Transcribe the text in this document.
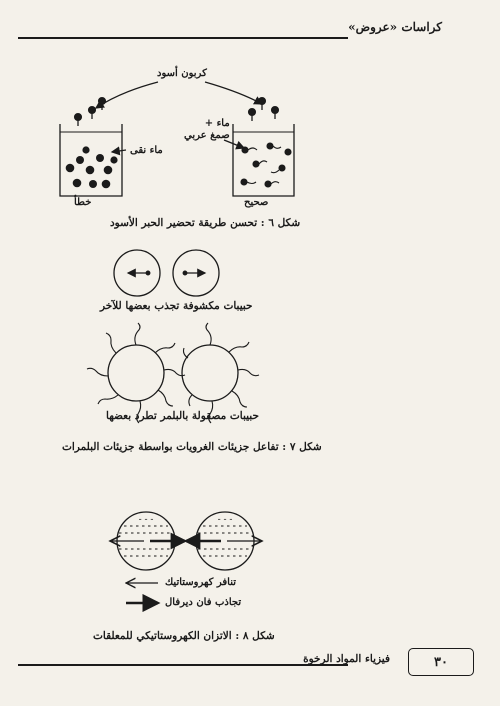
كراسات «عروض»
- - -	- - -
كربون أسود
ماء +
صمغ عربي
ماء نقى
خطأ	صحيح
شكل ٦ : تحسن طريقة تحضير الحبر الأسود
حبيبات مكشوفة تجذب بعضها للآخر
حبيبات مصقولة بالبلمر تطرد بعضها
شكل ٧ : تفاعل جزيئات الغرويات بواسطة جزيئات البلمرات
تنافر كهروستاتيك
تجاذب فان ديرفال
شكل ٨ : الاتزان الكهروستاتيكي للمعلقات
فيزياء المواد الرخوة	٣٠
